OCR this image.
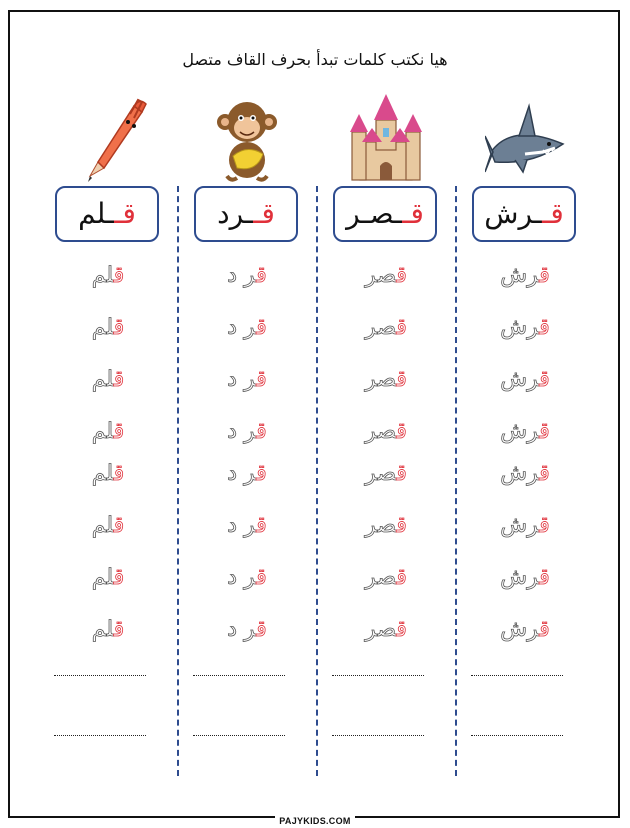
هيا نكتب كلمات تبدأ بحرف القاف متصل
قــرش
قرش
قرش
قرش
قرش
قرش
قرش
قرش
قرش
قــصـر
قصر
قصر
قصر
قصر
قصر
قصر
قصر
قصر
قــرد
قر د
قر د
قر د
قر د
قر د
قر د
قر د
قر د
قــلم
قلم
قلم
قلم
قلم
قلم
قلم
قلم
قلم
PAJYKIDS.COM
